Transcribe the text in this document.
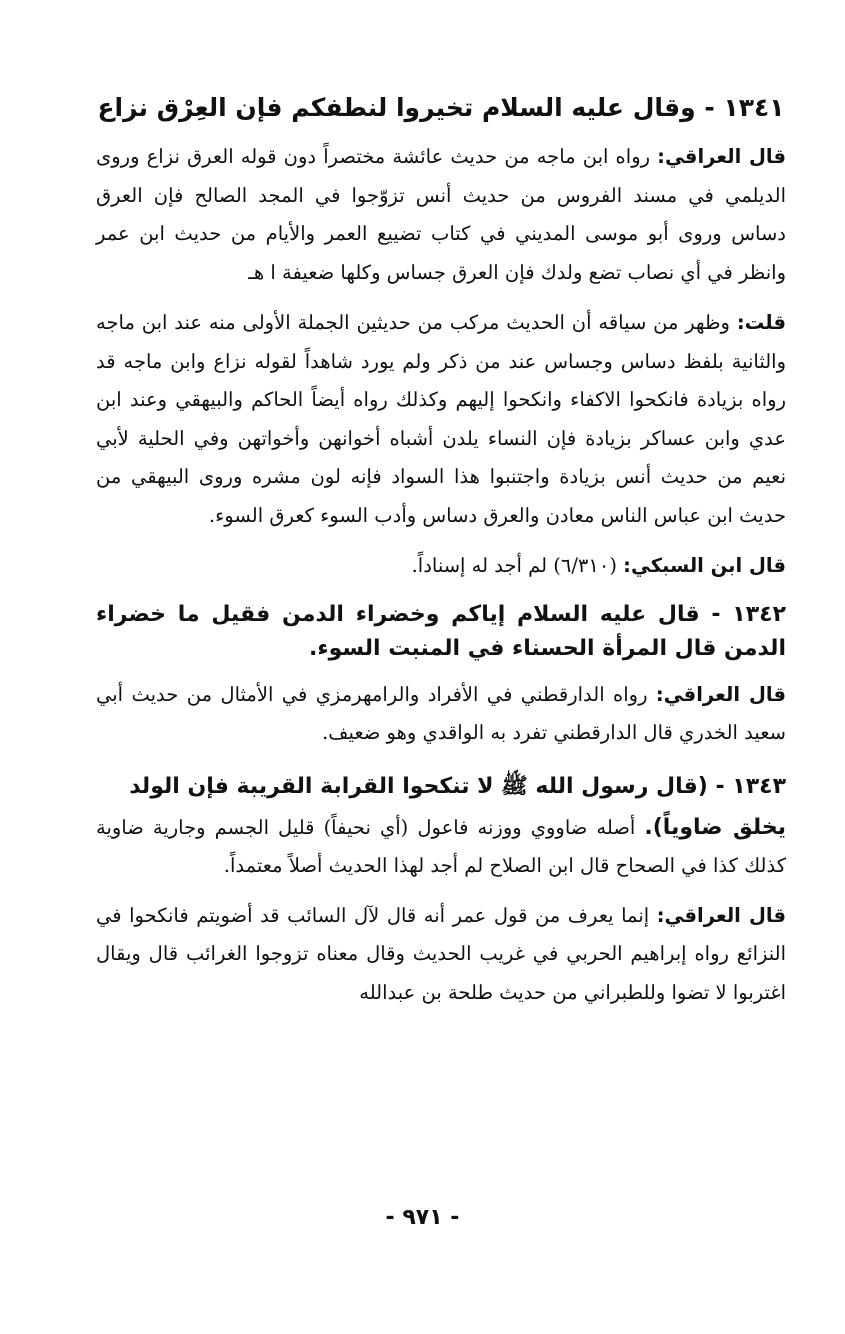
١٣٤١ - وقال عليه السلام تخيروا لنطفكم فإن العِرْق نزاع

قال العراقي: رواه ابن ماجه من حديث عائشة مختصراً دون قوله العرق نزاع وروى الديلمي في مسند الفروس من حديث أنس تزوّجوا في المجد الصالح فإن العرق دساس وروى أبو موسى المديني في كتاب تضييع العمر والأيام من حديث ابن عمر وانظر في أي نصاب تضع ولدك فإن العرق جساس وكلها ضعيفة ا هـ

قلت: وظهر من سياقه أن الحديث مركب من حديثين الجملة الأولى منه عند ابن ماجه والثانية بلفظ دساس وجساس عند من ذكر ولم يورد شاهداً لقوله نزاع وابن ماجه قد رواه بزيادة فانكحوا الاكفاء وانكحوا إليهم وكذلك رواه أيضاً الحاكم والبيهقي وعند ابن عدي وابن عساكر بزيادة فإن النساء يلدن أشباه أخوانهن وأخواتهن وفي الحلية لأبي نعيم من حديث أنس بزيادة واجتنبوا هذا السواد فإنه لون مشره وروى البيهقي من حديث ابن عباس الناس معادن والعرق دساس وأدب السوء كعرق السوء.

قال ابن السبكي: (٦/٣١٠) لم أجد له إسناداً.

١٣٤٢ - قال عليه السلام إياكم وخضراء الدمن فقيل ما خضراء الدمن قال المرأة الحسناء في المنبت السوء.

قال العراقي: رواه الدارقطني في الأفراد والرامهرمزي في الأمثال من حديث أبي سعيد الخدري قال الدارقطني تفرد به الواقدي وهو ضعيف.

١٣٤٣ - (قال رسول الله ﷺ لا تنكحوا القرابة القريبة فإن الولد

يخلق ضاوياً). أصله ضاووي ووزنه فاعول (أي نحيفاً) قليل الجسم وجارية ضاوية كذلك كذا في الصحاح قال ابن الصلاح لم أجد لهذا الحديث أصلاً معتمداً.

قال العراقي: إنما يعرف من قول عمر أنه قال لآل السائب قد أضويتم فانكحوا في النزائع رواه إبراهيم الحربي في غريب الحديث وقال معناه تزوجوا الغرائب قال ويقال اغتربوا لا تضوا وللطبراني من حديث طلحة بن عبدالله

- ٩٧١ -
